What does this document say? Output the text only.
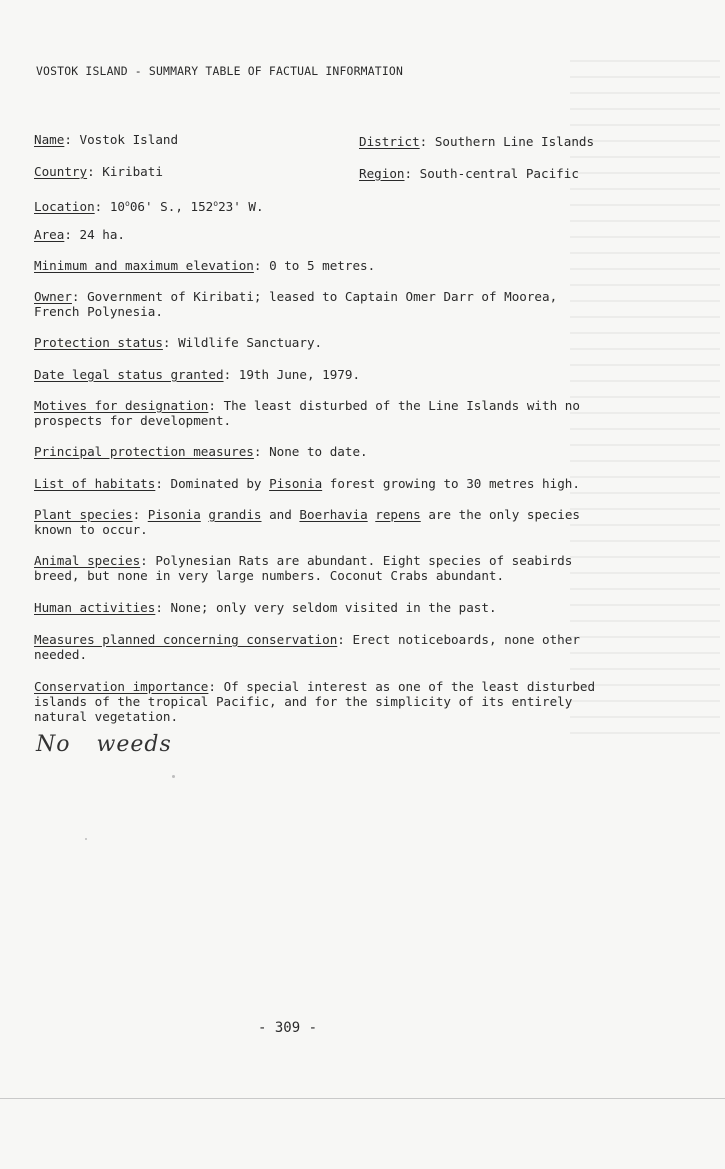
VOSTOK ISLAND - SUMMARY TABLE OF FACTUAL INFORMATION
Name: Vostok Island	District: Southern Line Islands
Country: Kiribati	Region: South-central Pacific
Location: 10$^o$06' S., 152$^o$23' W.
Area: 24 ha.
Minimum and maximum elevation: 0 to 5 metres.
Owner: Government of Kiribati; leased to Captain Omer Darr of Moorea,
French Polynesia.
Protection status: Wildlife Sanctuary.
Date legal status granted: 19th June, 1979.
Motives for designation: The least disturbed of the Line Islands with no
prospects for development.
Principal protection measures: None to date.
List of habitats: Dominated by Pisonia forest growing to 30 metres high.
Plant species: Pisonia grandis and Boerhavia repens are the only species
known to occur.
Animal species: Polynesian Rats are abundant. Eight species of seabirds
breed, but none in very large numbers. Coconut Crabs abundant.
Human activities: None; only very seldom visited in the past.
Measures planned concerning conservation: Erect noticeboards, none other
needed.
Conservation importance: Of special interest as one of the least disturbed
islands of the tropical Pacific, and for the simplicity of its entirely
natural vegetation.
No weeds
- 309 -
